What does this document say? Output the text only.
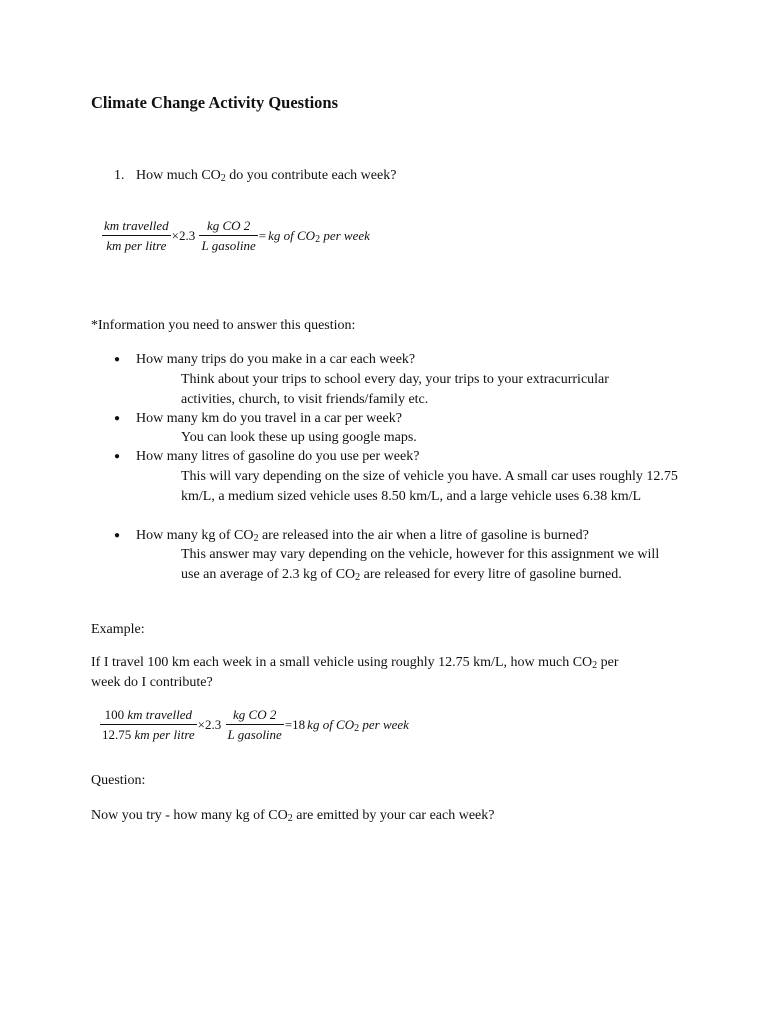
Climate Change Activity Questions
1. How much $CO_2$ do you contribute each week?
$\frac{\text{km travelled}}{\text{km per litre}} \times 2.3 \frac{\text{kg CO 2}}{\text{L gasoline}}$ = kg of $CO_2$ per week
*Information you need to answer this question:
● How many trips do you make in a car each week?
Think about your trips to school every day, your trips to your extracurricular activities, church, to visit friends/family etc.
● How many km do you travel in a car per week?
You can look these up using google maps.
● How many litres of gasoline do you use per week?
This will vary depending on the size of vehicle you have. A small car uses roughly 12.75 km/L, a medium sized vehicle uses 8.50 km/L, and a large vehicle uses 6.38 km/L
● How many kg of $CO_2$ are released into the air when a litre of gasoline is burned?
This answer may vary depending on the vehicle, however for this assignment we will use an average of 2.3 kg of $CO_2$ are released for every litre of gasoline burned.
Example:
If I travel 100 km each week in a small vehicle using roughly 12.75 km/L, how much $CO_2$ per week do I contribute?
$\frac{\text{100 km travelled}}{\text{12.75 km per litre}} \times 2.3 \frac{\text{kg CO 2}}{\text{L gasoline}} =18kg$ of $CO_2$ per week
Question:
Now you try - how many kg of $CO_2$ are emitted by your car each week?
